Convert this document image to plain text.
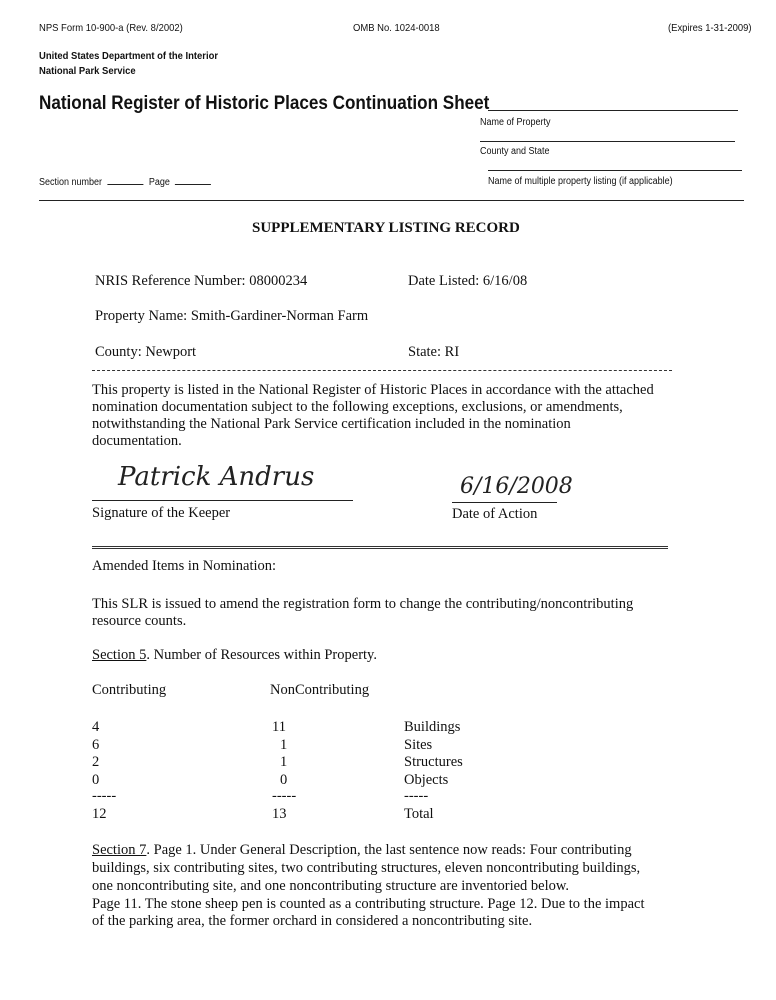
NPS Form 10-900-a (Rev. 8/2002)	OMB No. 1024-0018	(Expires 1-31-2009)
United States Department of the Interior
National Park Service
National Register of Historic Places Continuation Sheet
Name of Property
County and State
Name of multiple property listing (if applicable)
Section number	Page
SUPPLEMENTARY LISTING RECORD
NRIS Reference Number: 08000234	Date Listed: 6/16/08
Property Name: Smith-Gardiner-Norman Farm
County: Newport	State: RI
This property is listed in the National Register of Historic Places in accordance with the attached
nomination documentation subject to the following exceptions, exclusions, or amendments,
notwithstanding the National Park Service certification included in the nomination
documentation.
Patrick Andrus
Signature of the Keeper
6/16/2008
Date of Action
Amended Items in Nomination:
This SLR is issued to amend the registration form to change the contributing/noncontributing
resource counts.
Section 5. Number of Resources within Property.
Contributing	NonContributing
4	11	Buildings
6	1	Sites
2	1	Structures
0	0	Objects
-----	-----	-----
12	13	Total
Section 7. Page 1. Under General Description, the last sentence now reads: Four contributing
buildings, six contributing sites, two contributing structures, eleven noncontributing buildings,
one noncontributing site, and one noncontributing structure are inventoried below.
Page 11. The stone sheep pen is counted as a contributing structure. Page 12. Due to the impact
of the parking area, the former orchard in considered a noncontributing site.
